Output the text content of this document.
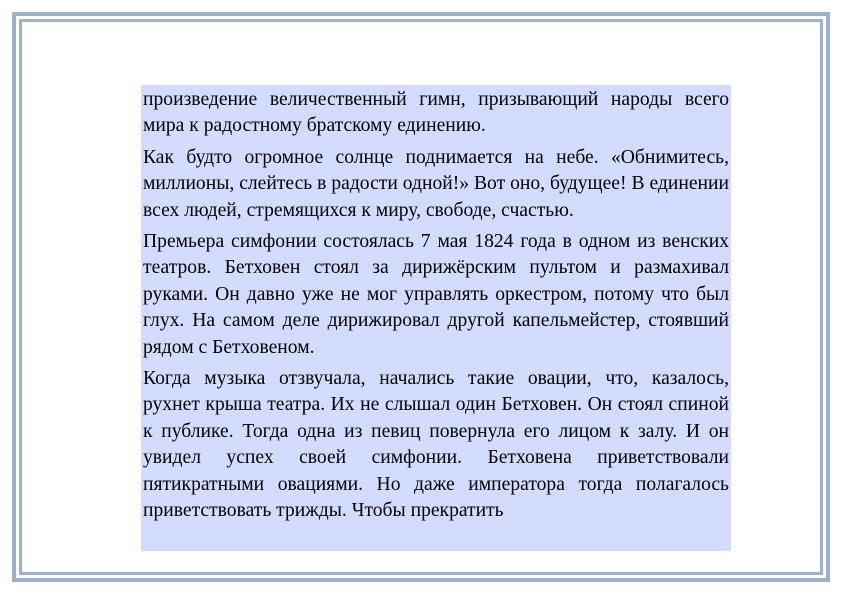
произведение величественный гимн, призывающий народы всего мира к радостному братскому единению.

Как будто огромное солнце поднимается на небе. «Обнимитесь, миллионы, слейтесь в радости одной!» Вот оно, будущее! В единении всех людей, стремящихся к миру, свободе, счастью.

Премьера симфонии состоялась 7 мая 1824 года в одном из венских театров. Бетховен стоял за дирижёрским пультом и размахивал руками. Он давно уже не мог управлять оркестром, потому что был глух. На самом деле дирижировал другой капельмейстер, стоявший рядом с Бетховеном.

Когда музыка отзвучала, начались такие овации, что, казалось, рухнет крыша театра. Их не слышал один Бетховен. Он стоял спиной к публике. Тогда одна из певиц повернула его лицом к залу. И он увидел успех своей симфонии. Бетховена приветствовали пятикратными овациями. Но даже императора тогда полагалось приветствовать трижды. Чтобы прекратить
